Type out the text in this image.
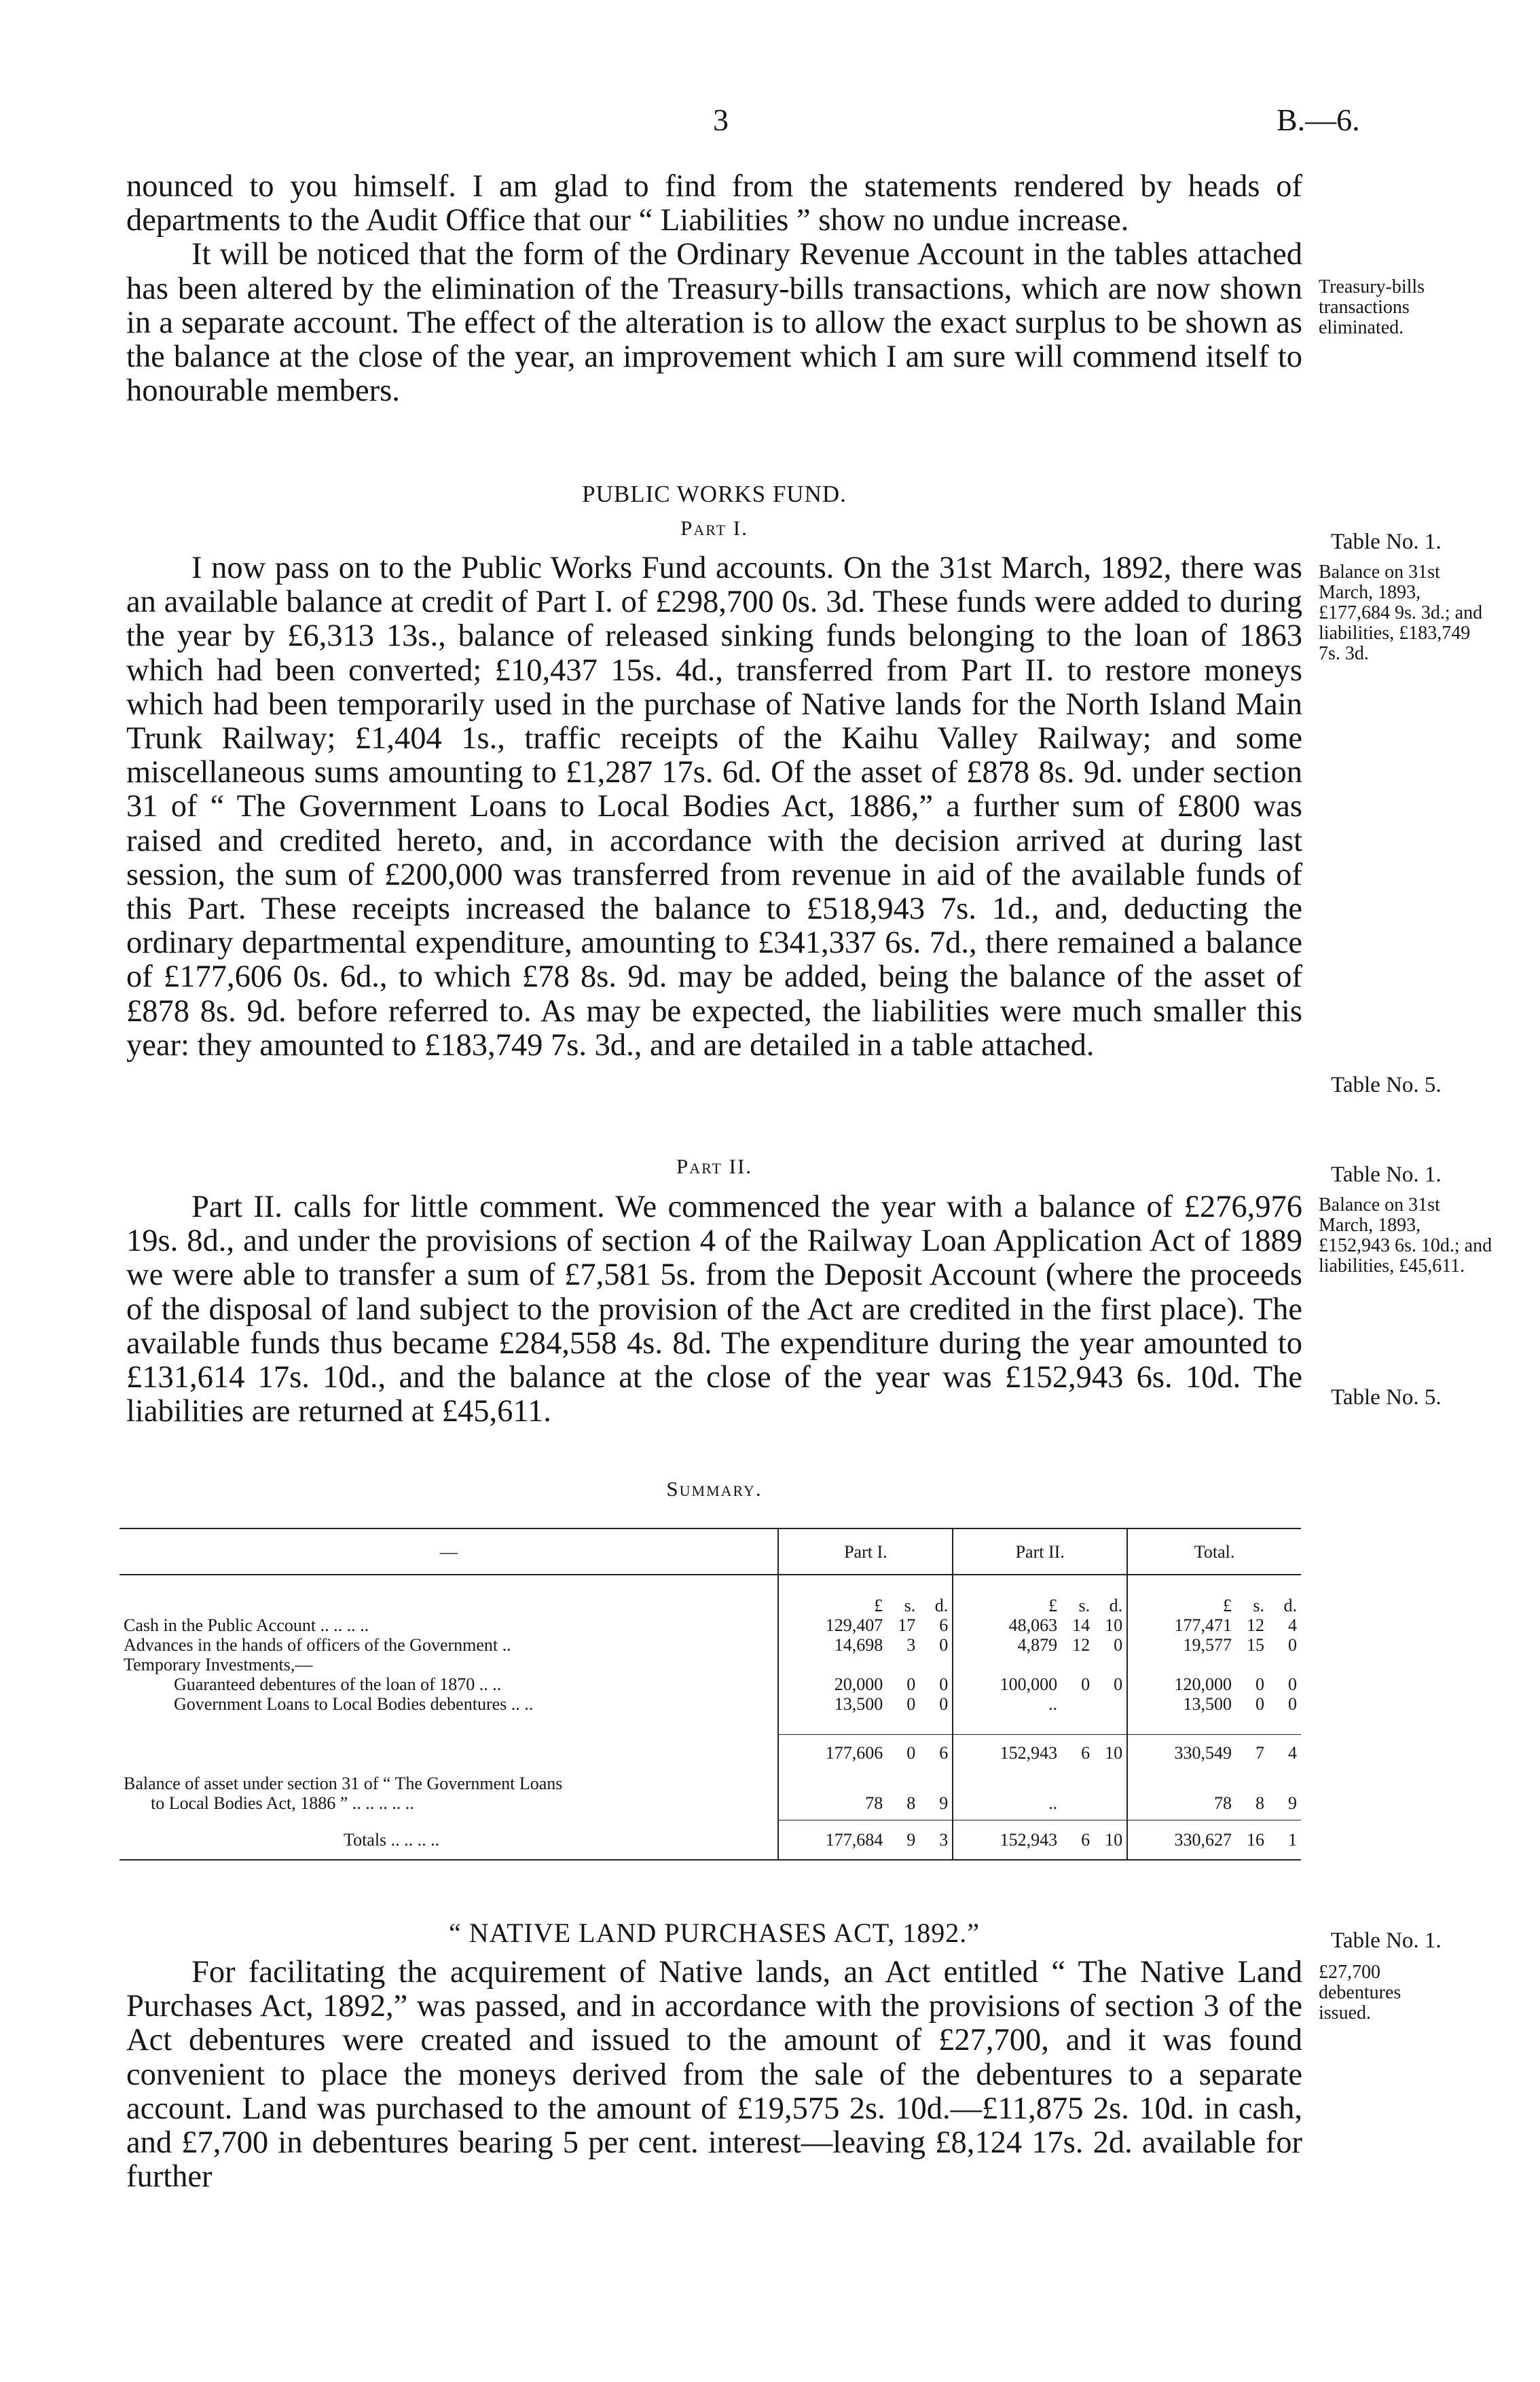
3	B.—6.

nounced to you himself. I am glad to find from the statements rendered by heads of departments to the Audit Office that our “ Liabilities ” show no undue increase.

It will be noticed that the form of the Ordinary Revenue Account in the tables attached has been altered by the elimination of the Treasury-bills transactions, which are now shown in a separate account. The effect of the alteration is to allow the exact surplus to be shown as the balance at the close of the year, an improvement which I am sure will commend itself to honourable members.

PUBLIC WORKS FUND.
Part I.

I now pass on to the Public Works Fund accounts. On the 31st March, 1892, there was an available balance at credit of Part I. of £298,700 0s. 3d. These funds were added to during the year by £6,313 13s., balance of released sinking funds belonging to the loan of 1863 which had been converted; £10,437 15s. 4d., transferred from Part II. to restore moneys which had been temporarily used in the purchase of Native lands for the North Island Main Trunk Railway; £1,404 1s., traffic receipts of the Kaihu Valley Railway; and some miscellaneous sums amounting to £1,287 17s. 6d. Of the asset of £878 8s. 9d. under section 31 of “ The Government Loans to Local Bodies Act, 1886,” a further sum of £800 was raised and credited hereto, and, in accordance with the decision arrived at during last session, the sum of £200,000 was transferred from revenue in aid of the available funds of this Part. These receipts increased the balance to £518,943 7s. 1d., and, deducting the ordinary departmental expenditure, amounting to £341,337 6s. 7d., there remained a balance of £177,606 0s. 6d., to which £78 8s. 9d. may be added, being the balance of the asset of £878 8s. 9d. before referred to. As may be expected, the liabilities were much smaller this year: they amounted to £183,749 7s. 3d., and are detailed in a table attached.

Part II.

Part II. calls for little comment. We commenced the year with a balance of £276,976 19s. 8d., and under the provisions of section 4 of the Railway Loan Application Act of 1889 we were able to transfer a sum of £7,581 5s. from the Deposit Account (where the proceeds of the disposal of land subject to the provision of the Act are credited in the first place). The available funds thus became £284,558 4s. 8d. The expenditure during the year amounted to £131,614 17s. 10d., and the balance at the close of the year was £152,943 6s. 10d. The liabilities are returned at £45,611.

Summary.
—	Part I.	Part II.	Total.

	£ s. d.	£ s. d.	£ s. d.
Cash in the Public Account .. .. .. ..	129,407 17 6	48,063 14 10	177,471 12 4
Advances in the hands of officers of the Government ..	14,698 3 0	4,879 12 0	19,577 15 0
Temporary Investments,—			
Guaranteed debentures of the loan of 1870 .. ..	20,000 0 0	100,000 0 0	120,000 0 0
Government Loans to Local Bodies debentures .. ..	13,500 0 0	..	13,500 0 0

	177,606 0 6	152,943 6 10	330,549 7 4

Balance of asset under section 31 of “ The Government Loans
to Local Bodies Act, 1886 ” .. .. .. .. ..	78 8 9	..	78 8 9
Totals .. .. .. ..	177,684 9 3	152,943 6 10	330,627 16 1
“ NATIVE LAND PURCHASES ACT, 1892.”

For facilitating the acquirement of Native lands, an Act entitled “ The Native Land Purchases Act, 1892,” was passed, and in accordance with the provisions of section 3 of the Act debentures were created and issued to the amount of £27,700, and it was found convenient to place the moneys derived from the sale of the debentures to a separate account. Land was purchased to the amount of £19,575 2s. 10d.—£11,875 2s. 10d. in cash, and £7,700 in debentures bearing 5 per cent. interest—leaving £8,124 17s. 2d. available for further

Treasury-bills transactions eliminated.
Table No. 1.
Balance on 31st March, 1893, £177,684 9s. 3d.; and liabilities, £183,749 7s. 3d.
Table No. 5.
Table No. 1.
Balance on 31st March, 1893, £152,943 6s. 10d.; and liabilities, £45,611.
Table No. 5.
Table No. 1.
£27,700 debentures issued.
